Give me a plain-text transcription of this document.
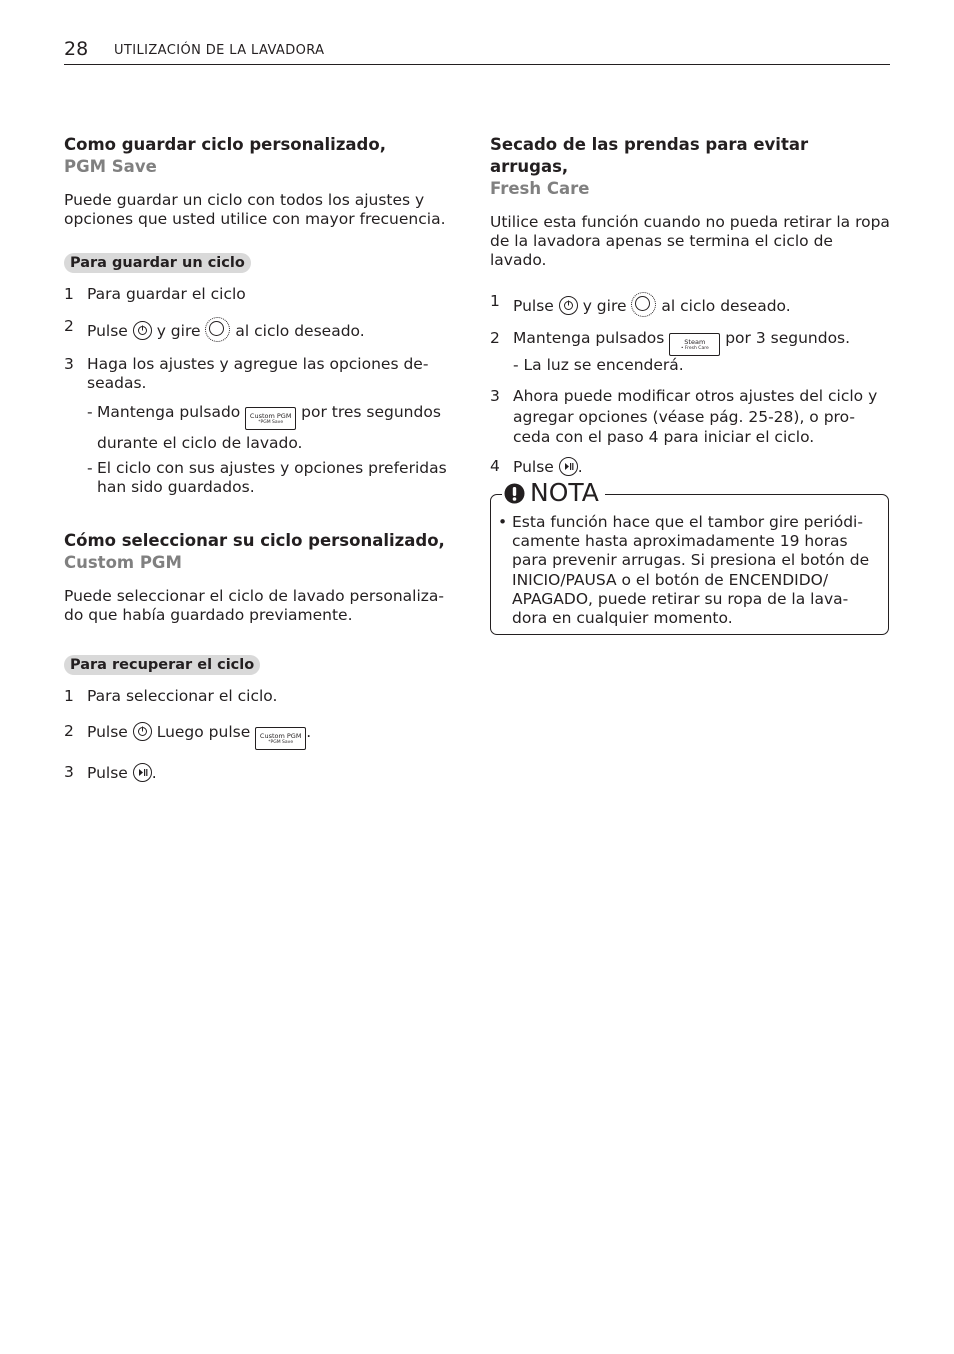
28 UTILIZACIÓN DE LA LAVADORA
Como guardar ciclo personalizado,
PGM Save

Puede guardar un ciclo con todos los ajustes y opciones que usted utilice con mayor frecuencia.

Para guardar un ciclo
1 Para guardar el ciclo
2 Pulse y gire al ciclo deseado.
3 Haga los ajustes y agregue las opciones de- seadas.
- Mantenga pulsado	Custom PGM
*PGM Save
por tres segundos durante el ciclo de lavado.
- El ciclo con sus ajustes y opciones preferidas han sido guardados.
Cómo seleccionar su ciclo personalizado,
Custom PGM

Puede seleccionar el ciclo de lavado personaliza- do que había guardado previamente.

Para recuperar el ciclo
1 Para seleccionar el ciclo.
2 Pulse Luego pulse	Custom PGM
*PGM Save
.
3 Pulse .
Secado de las prendas para evitar arrugas,
Fresh Care

Utilice esta función cuando no pueda retirar la ropa de la lavadora apenas se termina el ciclo de lavado.

1 Pulse y gire al ciclo deseado.
2 Mantenga pulsados	Steam
• Fresh Care
por 3 segundos.
- La luz se encenderá.
3 Ahora puede modificar otros ajustes del ciclo y agregar opciones (véase pág. 25-28), o pro- ceda con el paso 4 para iniciar el ciclo.
4 Pulse .
NOTA
• Esta función hace que el tambor gire periódi- camente hasta aproximadamente 19 horas para prevenir arrugas. Si presiona el botón de INICIO/PAUSA o el botón de ENCENDIDO/ APAGADO, puede retirar su ropa de la lava- dora en cualquier momento.
